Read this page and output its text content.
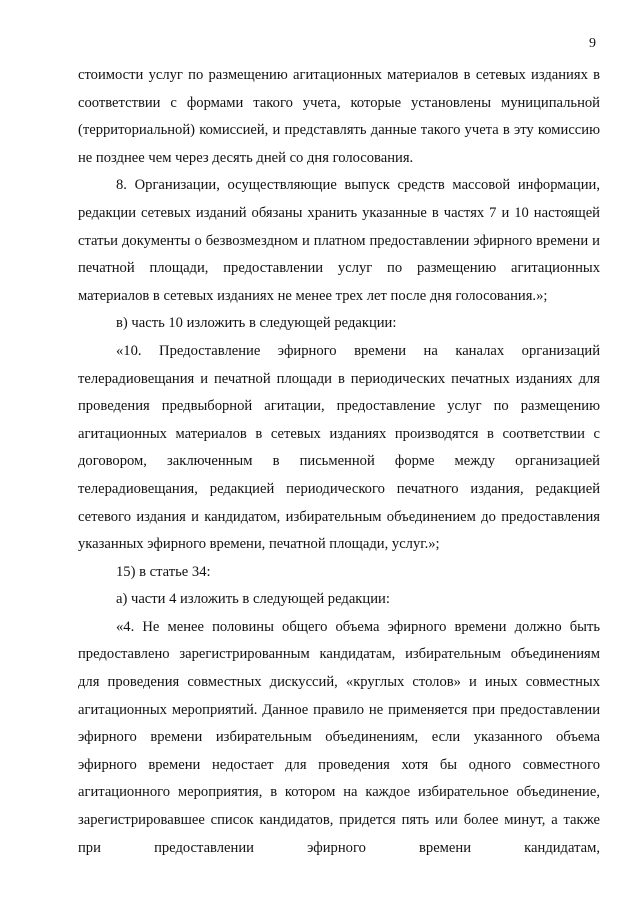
9

стоимости услуг по размещению агитационных материалов в сетевых изданиях в соответствии с формами такого учета, которые установлены муниципальной (территориальной) комиссией, и представлять данные такого учета в эту комиссию не позднее чем через десять дней со дня голосования.

8. Организации, осуществляющие выпуск средств массовой информации, редакции сетевых изданий обязаны хранить указанные в частях 7 и 10 настоящей статьи документы о безвозмездном и платном предоставлении эфирного времени и печатной площади, предоставлении услуг по размещению агитационных материалов в сетевых изданиях не менее трех лет после дня голосования.»;

в) часть 10 изложить в следующей редакции:

«10. Предоставление эфирного времени на каналах организаций телерадиовещания и печатной площади в периодических печатных изданиях для проведения предвыборной агитации, предоставление услуг по размещению агитационных материалов в сетевых изданиях производятся в соответствии с договором, заключенным в письменной форме между организацией телерадиовещания, редакцией периодического печатного издания, редакцией сетевого издания и кандидатом, избирательным объединением до предоставления указанных эфирного времени, печатной площади, услуг.»;

15) в статье 34:

а) части 4 изложить в следующей редакции:

«4. Не менее половины общего объема эфирного времени должно быть предоставлено зарегистрированным кандидатам, избирательным объединениям для проведения совместных дискуссий, «круглых столов» и иных совместных агитационных мероприятий. Данное правило не применяется при предоставлении эфирного времени избирательным объединениям, если указанного объема эфирного времени недостает для проведения хотя бы одного совместного агитационного мероприятия, в котором на каждое избирательное объединение, зарегистрировавшее список кандидатов, придется пять или более минут, а также при предоставлении эфирного времени кандидатам,
